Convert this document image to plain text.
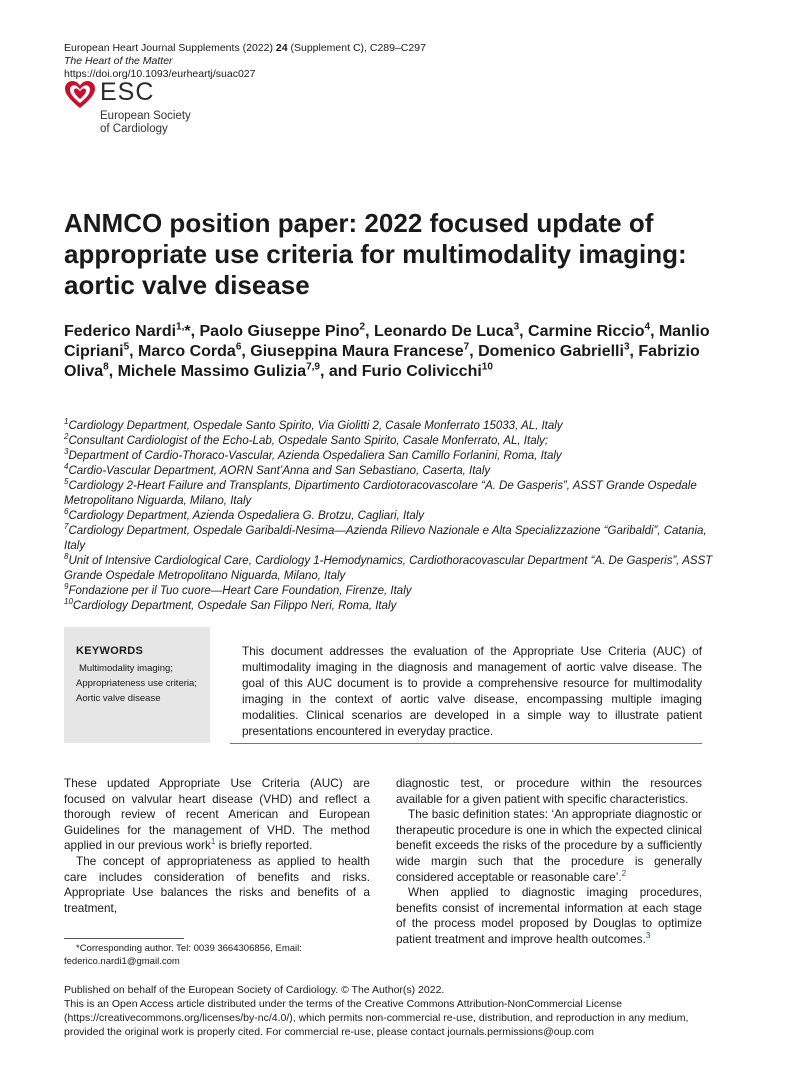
European Heart Journal Supplements (2022) 24 (Supplement C), C289–C297
The Heart of the Matter
https://doi.org/10.1093/eurheartj/suac027
ESC
European Society
of Cardiology
ANMCO position paper: 2022 focused update of appropriate use criteria for multimodality imaging: aortic valve disease
Federico Nardi$^{1,}$*, Paolo Giuseppe Pino$^2$, Leonardo De Luca$^3$, Carmine Riccio$^4$, Manlio Cipriani$^5$, Marco Corda$^6$, Giuseppina Maura Francese$^7$, Domenico Gabrielli$^3$, Fabrizio Oliva$^8$, Michele Massimo Gulizia$^{7,9}$, and Furio Colivicchi$^{10}$

$^1$Cardiology Department, Ospedale Santo Spirito, Via Giolitti 2, Casale Monferrato 15033, AL, Italy

$^2$Consultant Cardiologist of the Echo-Lab, Ospedale Santo Spirito, Casale Monferrato, AL, Italy;

$^3$Department of Cardio-Thoraco-Vascular, Azienda Ospedaliera San Camillo Forlanini, Roma, Italy

$^4$Cardio-Vascular Department, AORN Sant’Anna and San Sebastiano, Caserta, Italy

$^5$Cardiology 2-Heart Failure and Transplants, Dipartimento Cardiotoracovascolare “A. De Gasperis”, ASST Grande Ospedale Metropolitano Niguarda, Milano, Italy

$^6$Cardiology Department, Azienda Ospedaliera G. Brotzu, Cagliari, Italy

$^7$Cardiology Department, Ospedale Garibaldi-Nesima—Azienda Rilievo Nazionale e Alta Specializzazione “Garibaldi”, Catania, Italy

$^8$Unit of Intensive Cardiological Care, Cardiology 1-Hemodynamics, Cardiothoracovascular Department “A. De Gasperis”, ASST Grande Ospedale Metropolitano Niguarda, Milano, Italy

$^9$Fondazione per il Tuo cuore—Heart Care Foundation, Firenze, Italy

$^{10}$Cardiology Department, Ospedale San Filippo Neri, Roma, Italy

KEYWORDS
Multimodality imaging;
Appropriateness use criteria;
Aortic valve disease
This document addresses the evaluation of the Appropriate Use Criteria (AUC) of multimodality imaging in the diagnosis and management of aortic valve disease. The goal of this AUC document is to provide a comprehensive resource for multimodality imaging in the context of aortic valve disease, encompassing multiple imaging modalities. Clinical scenarios are developed in a simple way to illustrate patient presentations encountered in everyday practice.

These updated Appropriate Use Criteria (AUC) are focused on valvular heart disease (VHD) and reflect a thorough review of recent American and European Guidelines for the management of VHD. The method applied in our previous work$^1$ is briefly reported.

The concept of appropriateness as applied to health care includes consideration of benefits and risks. Appropriate Use balances the risks and benefits of a treatment,

diagnostic test, or procedure within the resources available for a given patient with specific characteristics.

The basic definition states: ‘An appropriate diagnostic or therapeutic procedure is one in which the expected clinical benefit exceeds the risks of the procedure by a sufficiently wide margin such that the procedure is generally considered acceptable or reasonable care’.$^2$

When applied to diagnostic imaging procedures, benefits consist of incremental information at each stage of the process model proposed by Douglas to optimize patient treatment and improve health outcomes.$^3$

*Corresponding author. Tel: 0039 3664306856, Email: federico.nardi1@gmail.com

Published on behalf of the European Society of Cardiology. © The Author(s) 2022.

This is an Open Access article distributed under the terms of the Creative Commons Attribution-NonCommercial License (https://creativecommons.org/licenses/by-nc/4.0/), which permits non-commercial re-use, distribution, and reproduction in any medium, provided the original work is properly cited. For commercial re-use, please contact journals.permissions@oup.com
